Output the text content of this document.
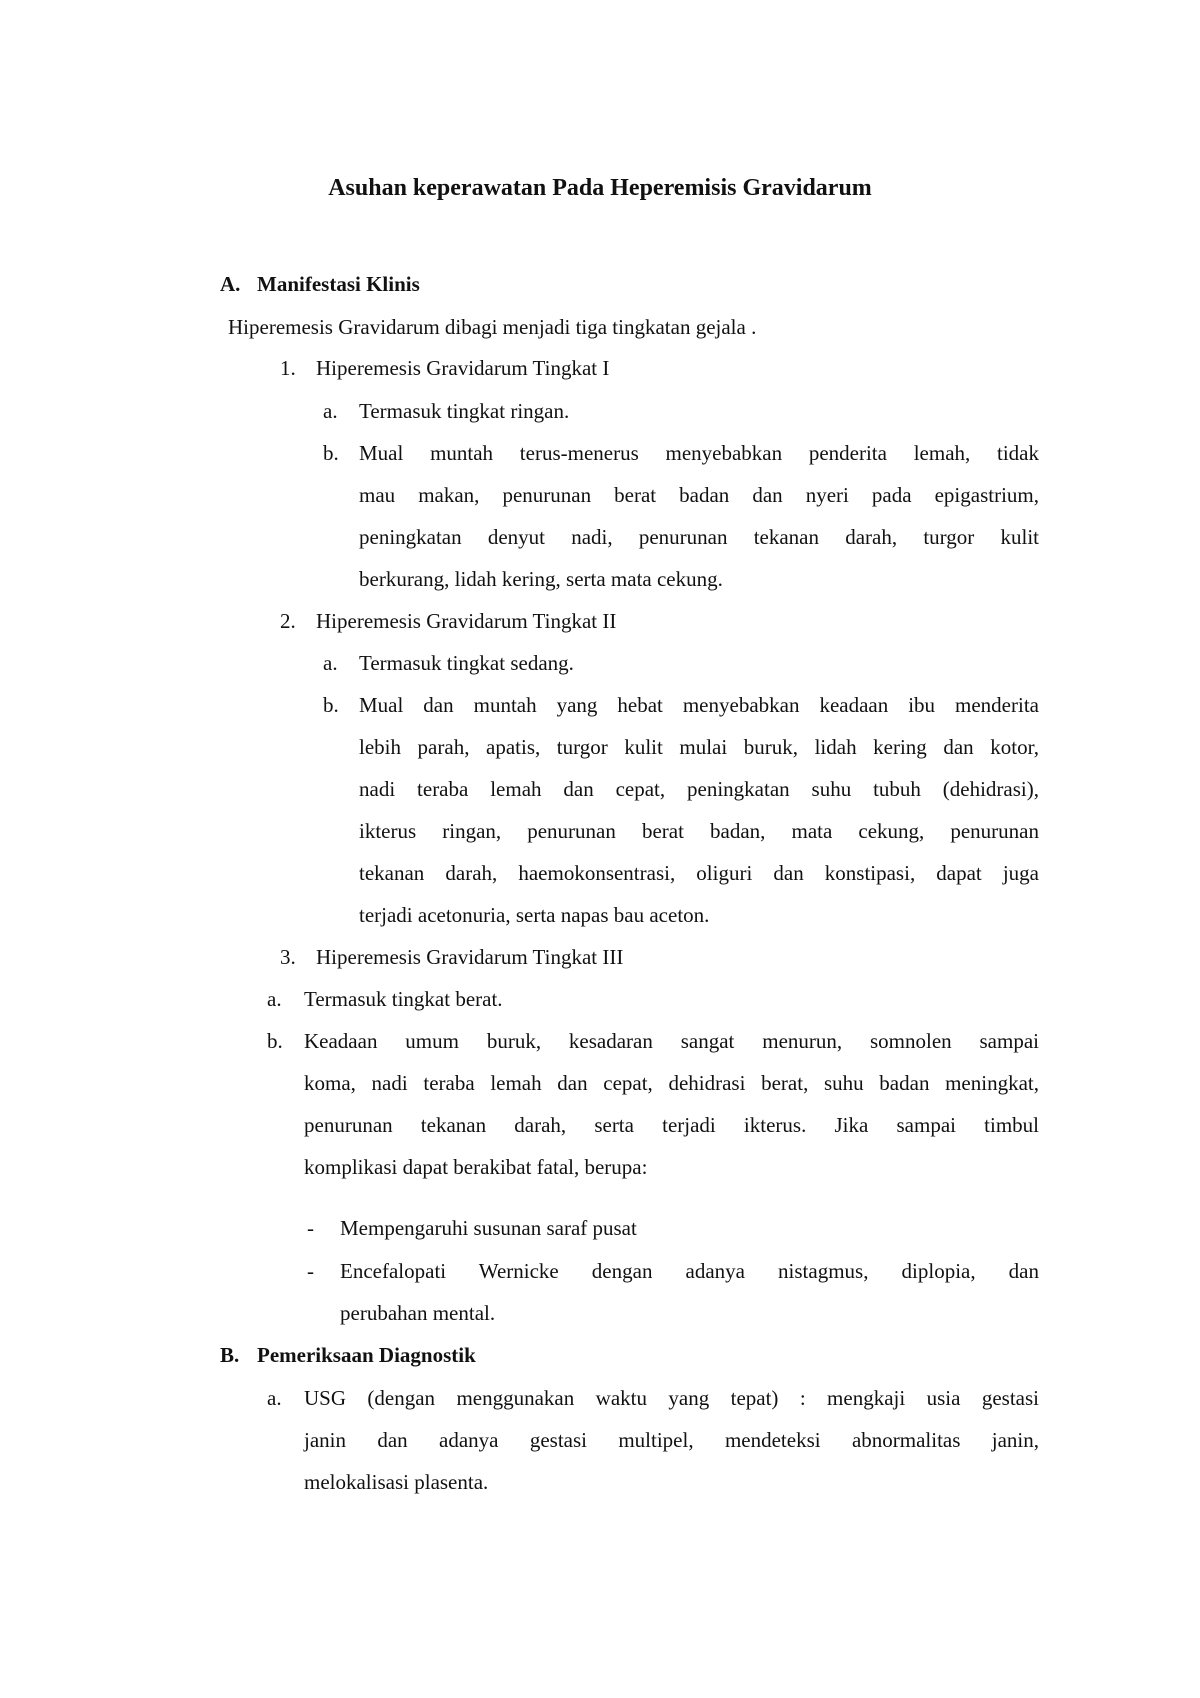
Asuhan keperawatan Pada Heperemisis Gravidarum
A. Manifestasi Klinis
Hiperemesis Gravidarum dibagi menjadi tiga tingkatan gejala .
1. Hiperemesis Gravidarum Tingkat I
a. Termasuk tingkat ringan.
b. Mual muntah terus-menerus menyebabkan penderita lemah, tidak
mau makan, penurunan berat badan dan nyeri pada epigastrium,
peningkatan denyut nadi, penurunan tekanan darah, turgor kulit
berkurang, lidah kering, serta mata cekung.
2. Hiperemesis Gravidarum Tingkat II
a. Termasuk tingkat sedang.
b. Mual dan muntah yang hebat menyebabkan keadaan ibu menderita
lebih parah, apatis, turgor kulit mulai buruk, lidah kering dan kotor,
nadi teraba lemah dan cepat, peningkatan suhu tubuh (dehidrasi),
ikterus ringan, penurunan berat badan, mata cekung, penurunan
tekanan darah, haemokonsentrasi, oliguri dan konstipasi, dapat juga
terjadi acetonuria, serta napas bau aceton.
3. Hiperemesis Gravidarum Tingkat III
a. Termasuk tingkat berat.
b. Keadaan umum buruk, kesadaran sangat menurun, somnolen sampai
koma, nadi teraba lemah dan cepat, dehidrasi berat, suhu badan meningkat,
penurunan tekanan darah, serta terjadi ikterus. Jika sampai timbul
komplikasi dapat berakibat fatal, berupa:
- Mempengaruhi susunan saraf pusat
- Encefalopati Wernicke dengan adanya nistagmus, diplopia, dan
perubahan mental.
B. Pemeriksaan Diagnostik
a. USG (dengan menggunakan waktu yang tepat) : mengkaji usia gestasi
janin dan adanya gestasi multipel, mendeteksi abnormalitas janin,
melokalisasi plasenta.
